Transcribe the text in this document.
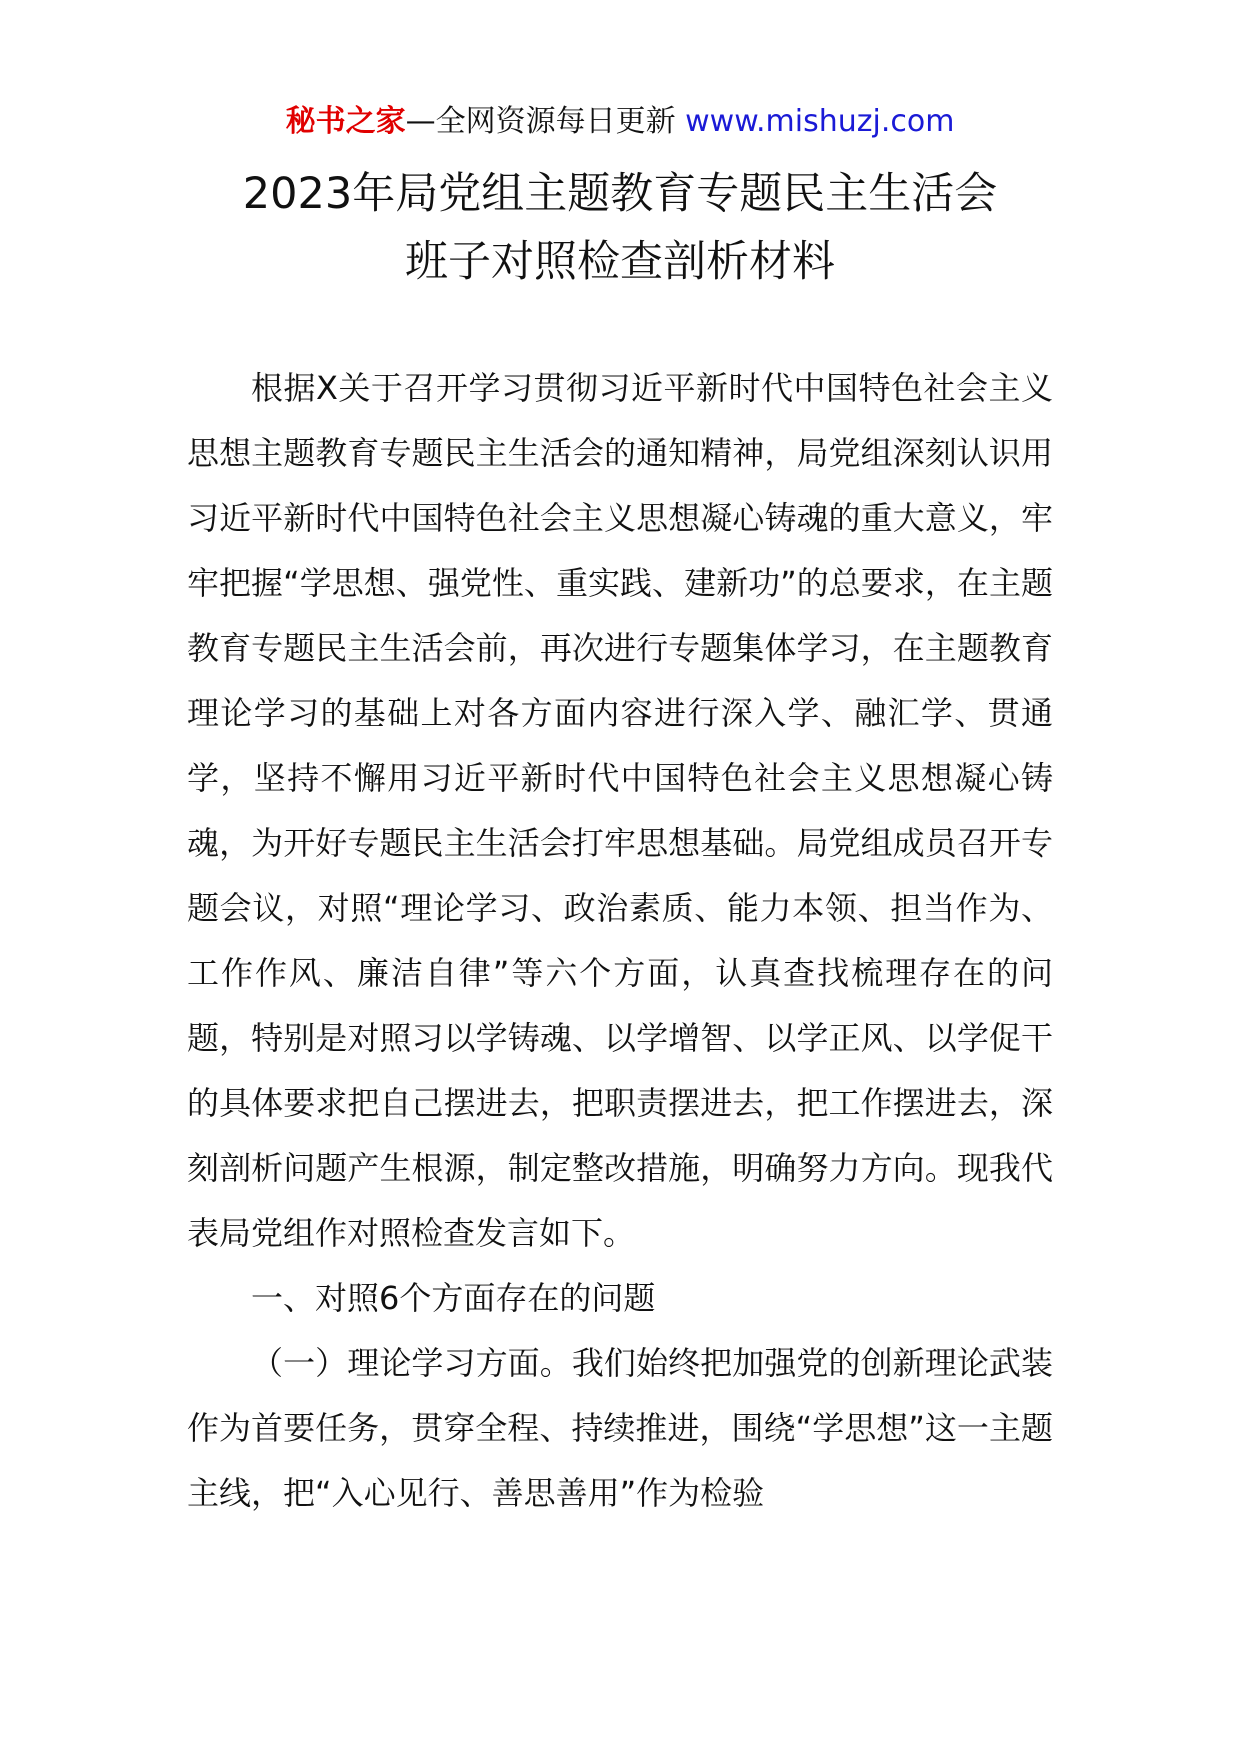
秘书之家—全网资源每日更新 www.mishuzj.com
2023年局党组主题教育专题民主生活会
班子对照检查剖析材料

根据X关于召开学习贯彻习近平新时代中国特色社会主义思想主题教育专题民主生活会的通知精神，局党组深刻认识用习近平新时代中国特色社会主义思想凝心铸魂的重大意义，牢牢把握“学思想、强党性、重实践、建新功”的总要求，在主题教育专题民主生活会前，再次进行专题集体学习，在主题教育理论学习的基础上对各方面内容进行深入学、融汇学、贯通学，坚持不懈用习近平新时代中国特色社会主义思想凝心铸魂，为开好专题民主生活会打牢思想基础。局党组成员召开专题会议，对照“理论学习、政治素质、能力本领、担当作为、工作作风、廉洁自律”等六个方面，认真查找梳理存在的问题，特别是对照习以学铸魂、以学增智、以学正风、以学促干的具体要求把自己摆进去，把职责摆进去，把工作摆进去，深刻剖析问题产生根源，制定整改措施，明确努力方向。现我代表局党组作对照检查发言如下。

一、对照6个方面存在的问题

（一）理论学习方面。我们始终把加强党的创新理论武装作为首要任务，贯穿全程、持续推进，围绕“学思想”这一主题主线，把“入心见行、善思善用”作为检验
